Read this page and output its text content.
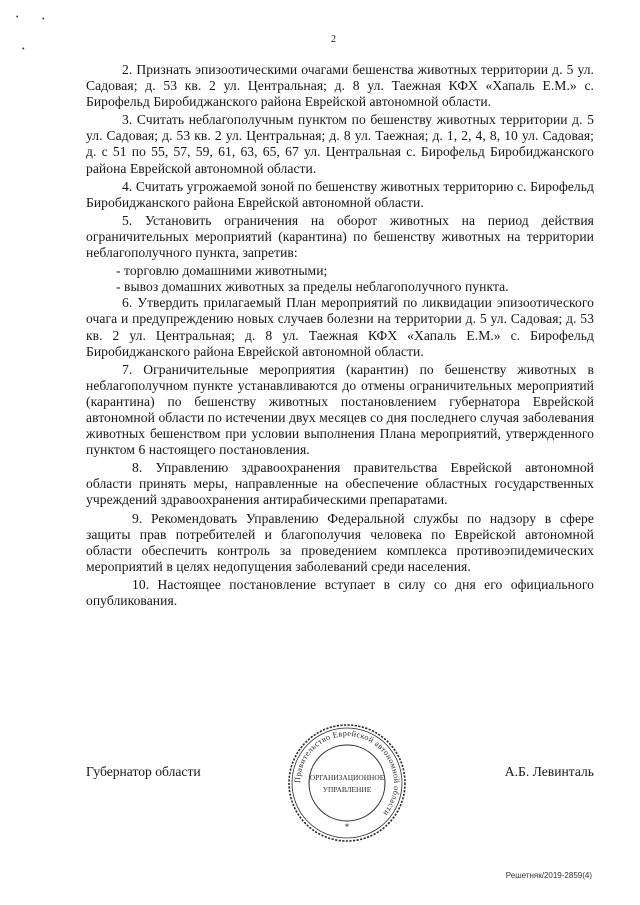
•	•
•
2

2. Признать эпизоотическими очагами бешенства животных территории д. 5 ул. Садовая; д. 53 кв. 2 ул. Центральная; д. 8 ул. Таежная КФХ «Хапаль Е.М.» с. Бирофельд Биробиджанского района Еврейской автономной области.

3. Считать неблагополучным пунктом по бешенству животных территории д. 5 ул. Садовая; д. 53 кв. 2 ул. Центральная; д. 8 ул. Таежная; д. 1, 2, 4, 8, 10 ул. Садовая; д. с 51 по 55, 57, 59, 61, 63, 65, 67 ул. Центральная с. Бирофельд Биробиджанского района Еврейской автономной области.

4. Считать угрожаемой зоной по бешенству животных территорию с. Бирофельд Биробиджанского района Еврейской автономной области.

5. Установить ограничения на оборот животных на период действия ограничительных мероприятий (карантина) по бешенству животных на территории неблагополучного пункта, запретив:

- торговлю домашними животными;

- вывоз домашних животных за пределы неблагополучного пункта.

6. Утвердить прилагаемый План мероприятий по ликвидации эпизоотического очага и предупреждению новых случаев болезни на территории д. 5 ул. Садовая; д. 53 кв. 2 ул. Центральная; д. 8 ул. Таежная КФХ «Хапаль Е.М.» с. Бирофельд Биробиджанского района Еврейской автономной области.

7. Ограничительные мероприятия (карантин) по бешенству животных в неблагополучном пункте устанавливаются до отмены ограничительных мероприятий (карантина) по бешенству животных постановлением губернатора Еврейской автономной области по истечении двух месяцев со дня последнего случая заболевания животных бешенством при условии выполнения Плана мероприятий, утвержденного пунктом 6 настоящего постановления.

8. Управлению здравоохранения правительства Еврейской автономной области принять меры, направленные на обеспечение областных государственных учреждений здравоохранения антирабическими препаратами.

9. Рекомендовать Управлению Федеральной службы по надзору в сфере защиты прав потребителей и благополучия человека по Еврейской автономной области обеспечить контроль за проведением комплекса противоэпидемических мероприятий в целях недопущения заболеваний среди населения.

10. Настоящее постановление вступает в силу со дня его официального опубликования.

Губернатор области	А.Б. Левинталь
Правительство Еврейской автономной области
ОРГАНИЗАЦИОННОЕ
УПРАВЛЕНИЕ
*
Решетняк/2019-2859(4)
